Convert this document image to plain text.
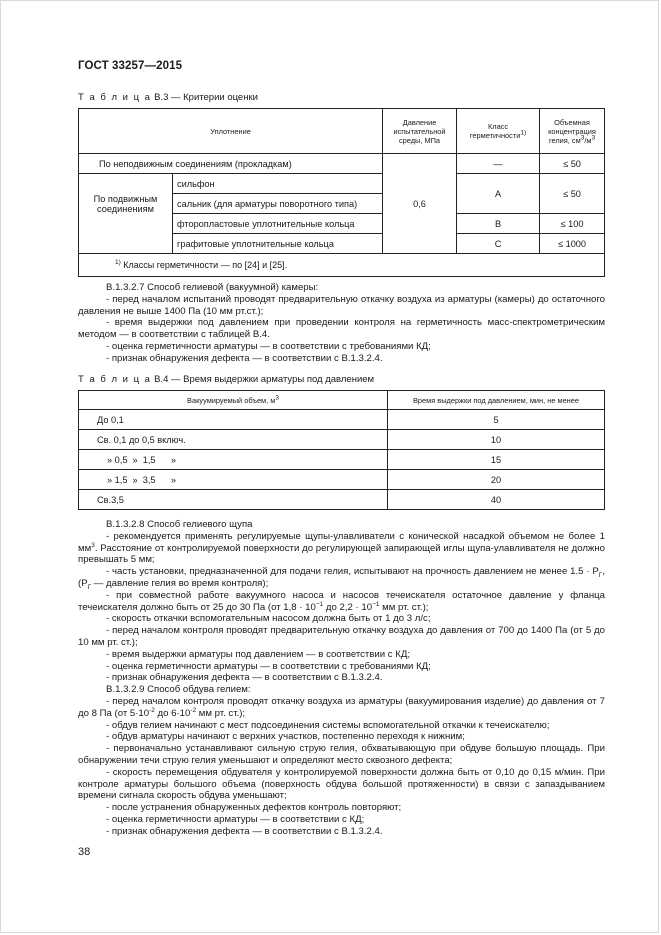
ГОСТ 33257—2015
Т а б л и ц а В.3 — Критерии оценки
Уплотнение		Давление испытательной среды, МПа	Класс герметичности$^{1)}$	Объемная концентрация гелия, $см^3/м^3$
По неподвижным соединениям (прокладкам)		0,6	—	≤ 50
По подвижным соединениям	сильфон		А	≤ 50
	сальник (для арматуры поворотного типа)			
	фторопластовые уплотнительные кольца		В	≤ 100
	графитовые уплотнительные кольца		С	≤ 1000
$^{1)}$ Классы герметичности — по [24] и [25].				

В.1.3.2.7 Способ гелиевой (вакуумной) камеры:

- перед началом испытаний проводят предварительную откачку воздуха из арматуры (камеры) до остаточного давления не выше 1400 Па (10 мм рт.ст.);

- время выдержки под давлением при проведении контроля на герметичность масс-спектрометрическим методом — в соответствии с таблицей В.4.

- оценка герметичности арматуры — в соответствии с требованиями КД;

- признак обнаружения дефекта — в соответствии с В.1.3.2.4.

Т а б л и ц а В.4 — Время выдержки арматуры под давлением
Вакуумируемый объем, $м^3$	Время выдержки под давлением, мин, не менее
До 0,1	5
Св. 0,1 до 0,5 включ.	10
» 0,5  »  1,5      »	15
» 1,5  »  3,5      »	20
Св.3,5	40

В.1.3.2.8 Способ гелиевого щупа

- рекомендуется применять регулируемые щупы-улавливатели с конической насадкой объемом не более 1 $мм^3$. Расстояние от контролируемой поверхности до регулирующей запирающей иглы щупа-улавливателя не должно превышать 5 мм;

- часть установки, предназначенной для подачи гелия, испытывают на прочность давлением не менее $1.5 \cdot P_Г$, ($P_Г$ — давление гелия во время контроля);

- при совместной работе вакуумного насоса и насосов течеискателя остаточное давление у фланца течеискателя должно быть от 25 до 30 Па (от $1,8 \cdot 10^{-1}$ до $2,2 \cdot 10^{-1}$ мм рт. ст.);

- скорость откачки вспомогательным насосом должна быть от 1 до 3 л/с;

- перед началом контроля проводят предварительную откачку воздуха до давления от 700 до 1400 Па (от 5 до 10 мм рт. ст.);

- время выдержки арматуры под давлением — в соответствии с КД;

- оценка герметичности арматуры — в соответствии с требованиями КД;

- признак обнаружения дефекта — в соответствии с В.1.3.2.4.

В.1.3.2.9 Способ обдува гелием:

- перед началом контроля проводят откачку воздуха из арматуры (вакуумирования изделие) до давления от 7 до 8 Па (от $5\cdot 10^{-2}$ до $6\cdot 10^{-2}$ мм рт. ст.);

- обдув гелием начинают с мест подсоединения системы вспомогательной откачки к течеискателю;

- обдув арматуры начинают с верхних участков, постепенно переходя к нижним;

- первоначально устанавливают сильную струю гелия, обхватывающую при обдуве большую площадь. При обнаружении течи струю гелия уменьшают и определяют место сквозного дефекта;

- скорость перемещения обдувателя у контролируемой поверхности должна быть от 0,10 до 0,15 м/мин. При контроле арматуры большого объема (поверхность обдува большой протяженности) в связи с запаздыванием времени сигнала скорость обдува уменьшают;

- после устранения обнаруженных дефектов контроль повторяют;

- оценка герметичности арматуры — в соответствии с КД;

- признак обнаружения дефекта — в соответствии с В.1.3.2.4.

38
